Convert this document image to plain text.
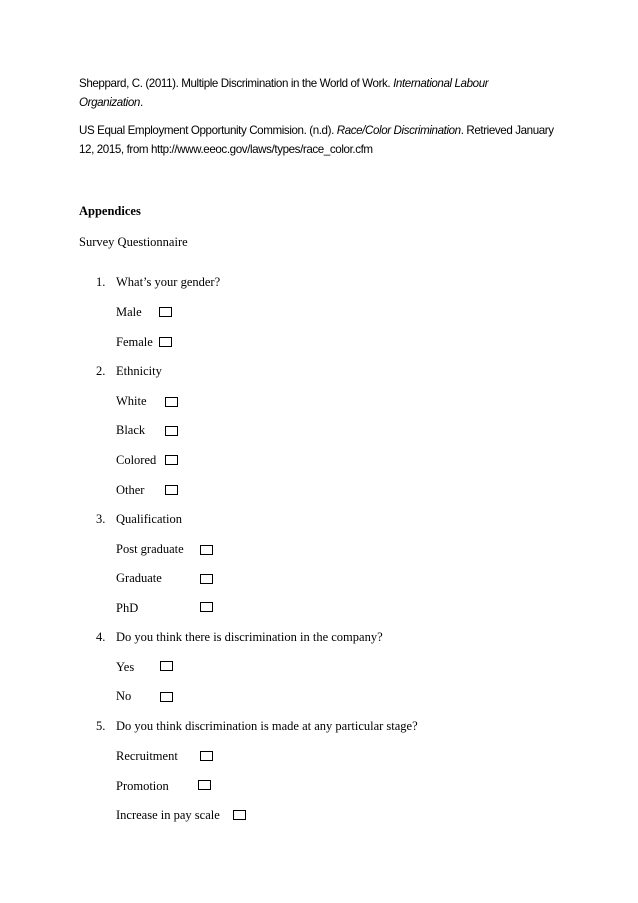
Sheppard, C. (2011). Multiple Discrimination in the World of Work. International Labour
Organization.
US Equal Employment Opportunity Commision. (n.d). Race/Color Discrimination. Retrieved January
12, 2015, from http://www.eeoc.gov/laws/types/race_color.cfm
Appendices
Survey Questionnaire
1. What’s your gender?
Male
Female
2. Ethnicity
White
Black
Colored
Other
3. Qualification
Post graduate
Graduate
PhD
4. Do you think there is discrimination in the company?
Yes
No
5. Do you think discrimination is made at any particular stage?
Recruitment
Promotion
Increase in pay scale
